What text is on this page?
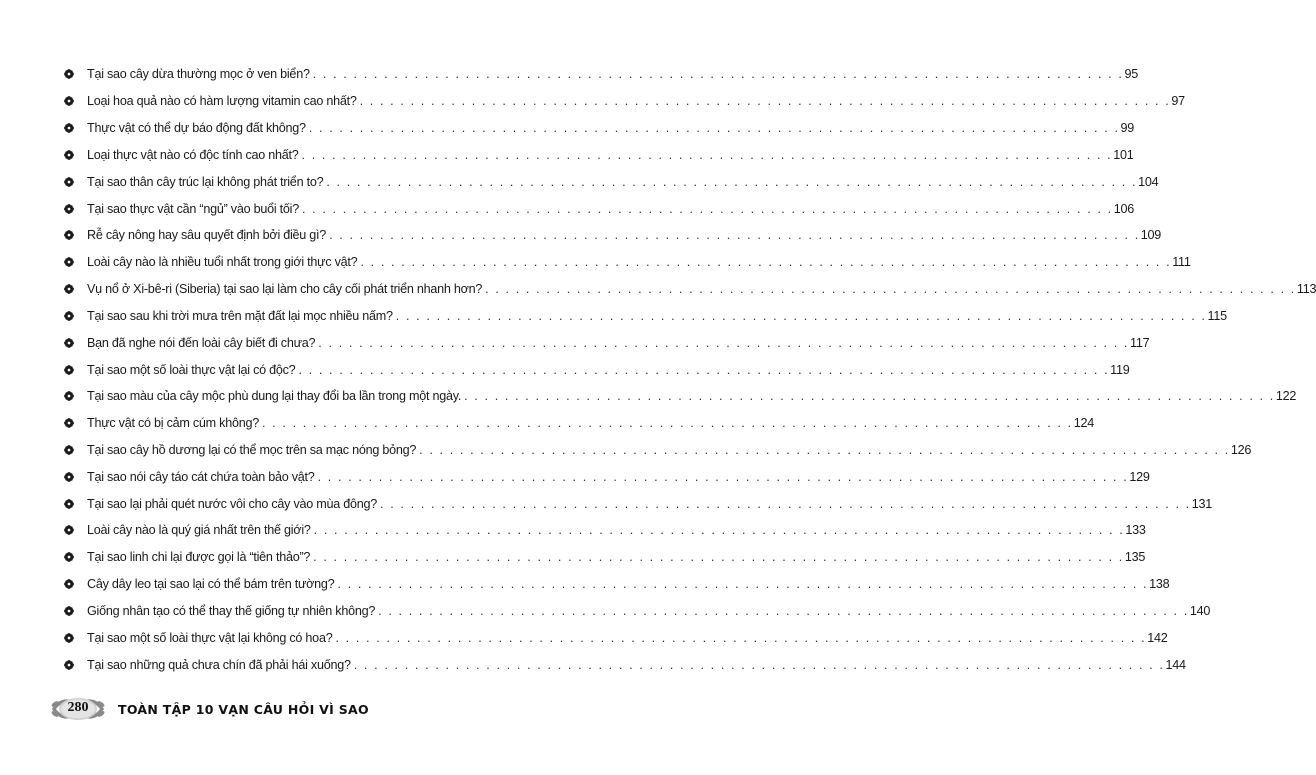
Tại sao cây dừa thường mọc ở ven biển? . . . . . . . . . . . . . . . . . . . . . . . . . . . . . . . . . . . . . . . . . . . . . . . . . . . . . . . . . . . . . . . . . . . . . . . . . . . . . . . . 95
Loại hoa quả nào có hàm lượng vitamin cao nhất? . . . . . . . . . . . . . . . . . . . . . . . . . . . . . . . . . . . . . . . . . . . . . . . . . . . . . . . . . . . . . . . . . . . . . . . . . . . . . . . . 97
Thực vật có thể dự báo động đất không? . . . . . . . . . . . . . . . . . . . . . . . . . . . . . . . . . . . . . . . . . . . . . . . . . . . . . . . . . . . . . . . . . . . . . . . . . . . . . . . . 99
Loại thực vật nào có độc tính cao nhất? . . . . . . . . . . . . . . . . . . . . . . . . . . . . . . . . . . . . . . . . . . . . . . . . . . . . . . . . . . . . . . . . . . . . . . . . . . . . . . . . 101
Tại sao thân cây trúc lại không phát triển to? . . . . . . . . . . . . . . . . . . . . . . . . . . . . . . . . . . . . . . . . . . . . . . . . . . . . . . . . . . . . . . . . . . . . . . . . . . . . . . . . 104
Tại sao thực vật cần “ngủ” vào buổi tối? . . . . . . . . . . . . . . . . . . . . . . . . . . . . . . . . . . . . . . . . . . . . . . . . . . . . . . . . . . . . . . . . . . . . . . . . . . . . . . . . 106
Rễ cây nông hay sâu quyết định bởi điều gì? . . . . . . . . . . . . . . . . . . . . . . . . . . . . . . . . . . . . . . . . . . . . . . . . . . . . . . . . . . . . . . . . . . . . . . . . . . . . . . . . 109
Loài cây nào là nhiều tuổi nhất trong giới thực vật? . . . . . . . . . . . . . . . . . . . . . . . . . . . . . . . . . . . . . . . . . . . . . . . . . . . . . . . . . . . . . . . . . . . . . . . . . . . . . . . . 111
Vụ nổ ở Xi-bê-ri (Siberia) tại sao lại làm cho cây cối phát triển nhanh hơn? . . . . . . . . . . . . . . . . . . . . . . . . . . . . . . . . . . . . . . . . . . . . . . . . . . . . . . . . . . . . . . . . . . . . . . . . . . . . . . . . 113
Tại sao sau khi trời mưa trên mặt đất lại mọc nhiều nấm? . . . . . . . . . . . . . . . . . . . . . . . . . . . . . . . . . . . . . . . . . . . . . . . . . . . . . . . . . . . . . . . . . . . . . . . . . . . . . . . . 115
Bạn đã nghe nói đến loài cây biết đi chưa? . . . . . . . . . . . . . . . . . . . . . . . . . . . . . . . . . . . . . . . . . . . . . . . . . . . . . . . . . . . . . . . . . . . . . . . . . . . . . . . . 117
Tại sao một số loài thực vật lại có độc? . . . . . . . . . . . . . . . . . . . . . . . . . . . . . . . . . . . . . . . . . . . . . . . . . . . . . . . . . . . . . . . . . . . . . . . . . . . . . . . . 119
Tại sao màu của cây mộc phù dung lại thay đổi ba lần trong một ngày. . . . . . . . . . . . . . . . . . . . . . . . . . . . . . . . . . . . . . . . . . . . . . . . . . . . . . . . . . . . . . . . . . . . . . . . . . . . . . . . . 122
Thực vật có bị cảm cúm không? . . . . . . . . . . . . . . . . . . . . . . . . . . . . . . . . . . . . . . . . . . . . . . . . . . . . . . . . . . . . . . . . . . . . . . . . . . . . . . . . 124
Tại sao cây hồ dương lại có thể mọc trên sa mạc nóng bỏng? . . . . . . . . . . . . . . . . . . . . . . . . . . . . . . . . . . . . . . . . . . . . . . . . . . . . . . . . . . . . . . . . . . . . . . . . . . . . . . . . 126
Tại sao nói cây táo cát chứa toàn bảo vật? . . . . . . . . . . . . . . . . . . . . . . . . . . . . . . . . . . . . . . . . . . . . . . . . . . . . . . . . . . . . . . . . . . . . . . . . . . . . . . . . 129
Tại sao lại phải quét nước vôi cho cây vào mùa đông? . . . . . . . . . . . . . . . . . . . . . . . . . . . . . . . . . . . . . . . . . . . . . . . . . . . . . . . . . . . . . . . . . . . . . . . . . . . . . . . . 131
Loài cây nào là quý giá nhất trên thế giới? . . . . . . . . . . . . . . . . . . . . . . . . . . . . . . . . . . . . . . . . . . . . . . . . . . . . . . . . . . . . . . . . . . . . . . . . . . . . . . . . 133
Tại sao linh chi lại được gọi là “tiên thảo”? . . . . . . . . . . . . . . . . . . . . . . . . . . . . . . . . . . . . . . . . . . . . . . . . . . . . . . . . . . . . . . . . . . . . . . . . . . . . . . . . 135
Cây dây leo tại sao lại có thể bám trên tường? . . . . . . . . . . . . . . . . . . . . . . . . . . . . . . . . . . . . . . . . . . . . . . . . . . . . . . . . . . . . . . . . . . . . . . . . . . . . . . . . 138
Giống nhân tạo có thể thay thế giống tự nhiên không? . . . . . . . . . . . . . . . . . . . . . . . . . . . . . . . . . . . . . . . . . . . . . . . . . . . . . . . . . . . . . . . . . . . . . . . . . . . . . . . . 140
Tại sao một số loài thực vật lại không có hoa? . . . . . . . . . . . . . . . . . . . . . . . . . . . . . . . . . . . . . . . . . . . . . . . . . . . . . . . . . . . . . . . . . . . . . . . . . . . . . . . . 142
Tại sao những quả chưa chín đã phải hái xuống? . . . . . . . . . . . . . . . . . . . . . . . . . . . . . . . . . . . . . . . . . . . . . . . . . . . . . . . . . . . . . . . . . . . . . . . . . . . . . . . . 144
280	TOÀN TẬP 10 VẠN CÂU HỎI VÌ SAO
